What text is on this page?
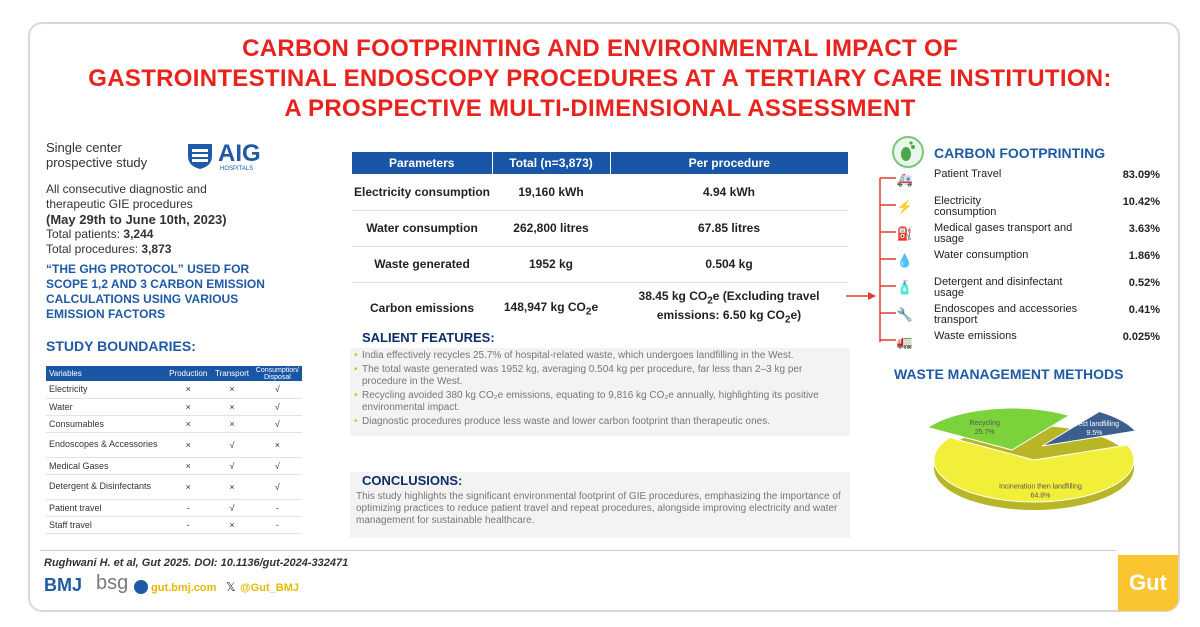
CARBON FOOTPRINTING AND ENVIRONMENTAL IMPACT OF
GASTROINTESTINAL ENDOSCOPY PROCEDURES AT A TERTIARY CARE INSTITUTION:
A PROSPECTIVE MULTI-DIMENSIONAL ASSESSMENT
Single center
prospective study	AIG
HOSPITALS
All consecutive diagnostic and
therapeutic GIE procedures
(May 29th to June 10th, 2023)
Total patients: 3,244
Total procedures: 3,873
“THE GHG PROTOCOL” USED FOR
SCOPE 1,2 AND 3 CARBON EMISSION
CALCULATIONS USING VARIOUS
EMISSION FACTORS
STUDY BOUNDARIES:
Variables	Production	Transport	Consumption/ Disposal
Electricity	×	×	√
Water	×	×	√
Consumables	×	×	√
Endoscopes & Accessories	×	√	×
Medical Gases	×	√	√
Detergent & Disinfectants	×	×	√
Patient travel	-	√	-
Staff travel	-	×	-
Parameters	Total (n=3,873)	Per procedure
Electricity consumption	19,160 kWh	4.94 kWh
Water consumption	262,800 litres	67.85 litres
Waste generated	1952 kg	0.504 kg
Carbon emissions	148,947 kg $CO_2e$	38.45 kg $CO_2e$ (Excluding travel
emissions: 6.50 kg $CO_2e$)
SALIENT FEATURES:
• India effectively recycles 25.7% of hospital-related waste, which undergoes landfilling in the West.
• The total waste generated was 1952 kg, averaging 0.504 kg per procedure, far less than 2–3 kg per procedure in the West.
• Recycling avoided 380 kg CO₂e emissions, equating to 9,816 kg CO₂e annually, highlighting its positive environmental impact.
• Diagnostic procedures produce less waste and lower carbon footprint than therapeutic ones.
CONCLUSIONS:

This study highlights the significant environmental footprint of GIE procedures, emphasizing the importance of optimizing practices to reduce patient travel and repeat procedures, alongside improving electricity and water management for sustainable healthcare.

CARBON FOOTPRINTING
🚑 Patient Travel	83.09%
⚡ Electricity consumption
10.42%
⛽ Medical gases transport and usage
3.63%
💧 Water consumption	1.86%
🧴 Detergent and disinfectant usage
0.52%
🔧 Endoscopes and accessories transport
0.41%
🚛 Waste emissions	0.025%
WASTE MANAGEMENT METHODS
Recycling
25.7%
Direct landfilling
9.5%
Incineration then landfilling
64.8%
Rughwani H. et al, Gut 2025. DOI: 10.1136/gut-2024-332471
BMJ bsg gut.bmj.com 𝕏 @Gut_BMJ	Gut
